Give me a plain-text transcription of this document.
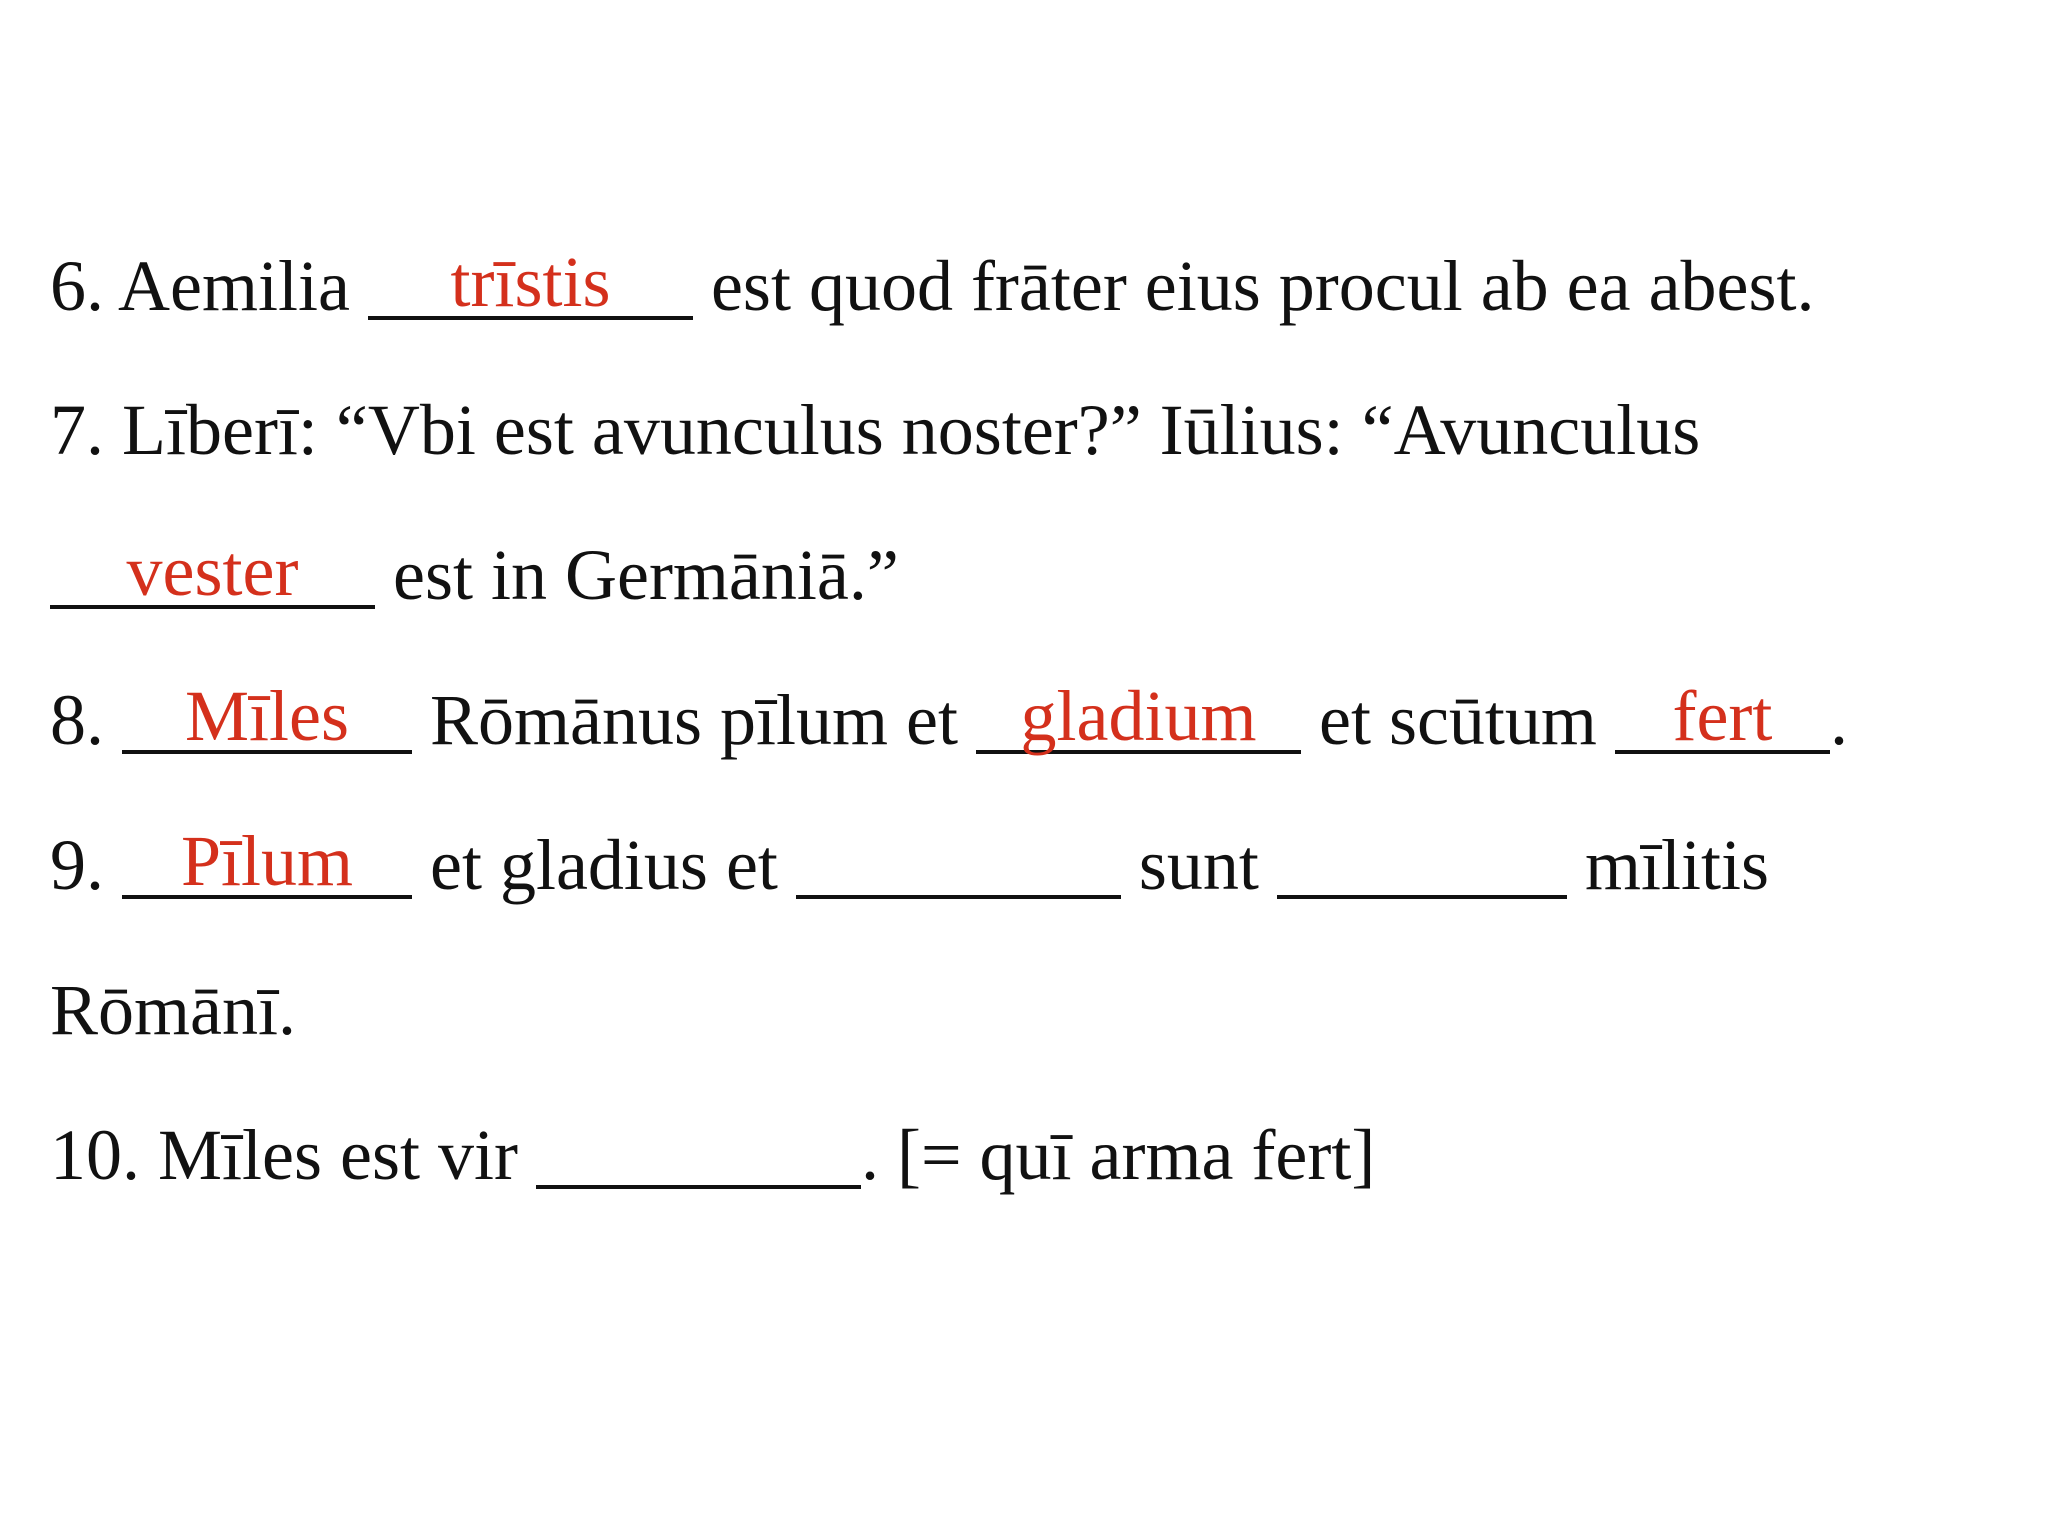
6. Aemilia	trīstis	est quod frāter eius procul ab ea abest.
7. Līberī: “Vbi est avunculus noster?” Iūlius: “Avunculus
vester	est in Germāniā.”
8.	Mīles	Rōmānus pīlum et gladium et scūtum	fert .
9.	Pīlum	et gladius et	sunt	mīlitis
Rōmānī.
10. Mīles est vir	. [= quī arma fert]
